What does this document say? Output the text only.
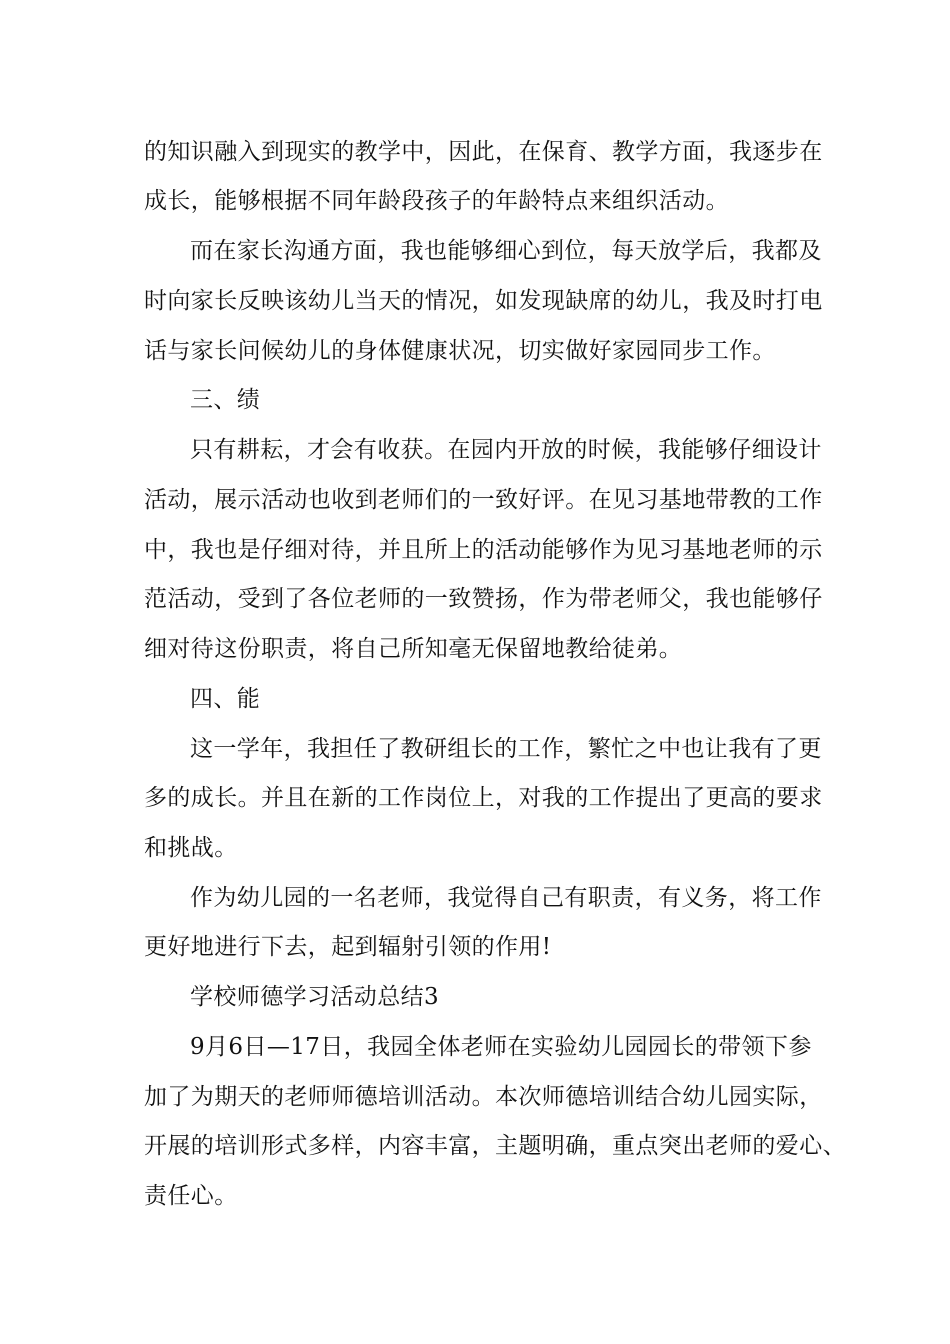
的知识融入到现实的教学中，因此，在保育、教学方面，我逐步在
成长，能够根据不同年龄段孩子的年龄特点来组织活动。
而在家长沟通方面，我也能够细心到位，每天放学后，我都及
时向家长反映该幼儿当天的情况，如发现缺席的幼儿，我及时打电
话与家长问候幼儿的身体健康状况，切实做好家园同步工作。
三、绩
只有耕耘，才会有收获。在园内开放的时候，我能够仔细设计
活动，展示活动也收到老师们的一致好评。在见习基地带教的工作
中，我也是仔细对待，并且所上的活动能够作为见习基地老师的示
范活动，受到了各位老师的一致赞扬，作为带老师父，我也能够仔
细对待这份职责，将自己所知毫无保留地教给徒弟。
四、能
这一学年，我担任了教研组长的工作，繁忙之中也让我有了更
多的成长。并且在新的工作岗位上，对我的工作提出了更高的要求
和挑战。
作为幼儿园的一名老师，我觉得自己有职责，有义务，将工作
更好地进行下去，起到辐射引领的作用!
学校师德学习活动总结3
9月6日—17日，我园全体老师在实验幼儿园园长的带领下参
加了为期天的老师师德培训活动。本次师德培训结合幼儿园实际，
开展的培训形式多样，内容丰富，主题明确，重点突出老师的爱心、
责任心。
